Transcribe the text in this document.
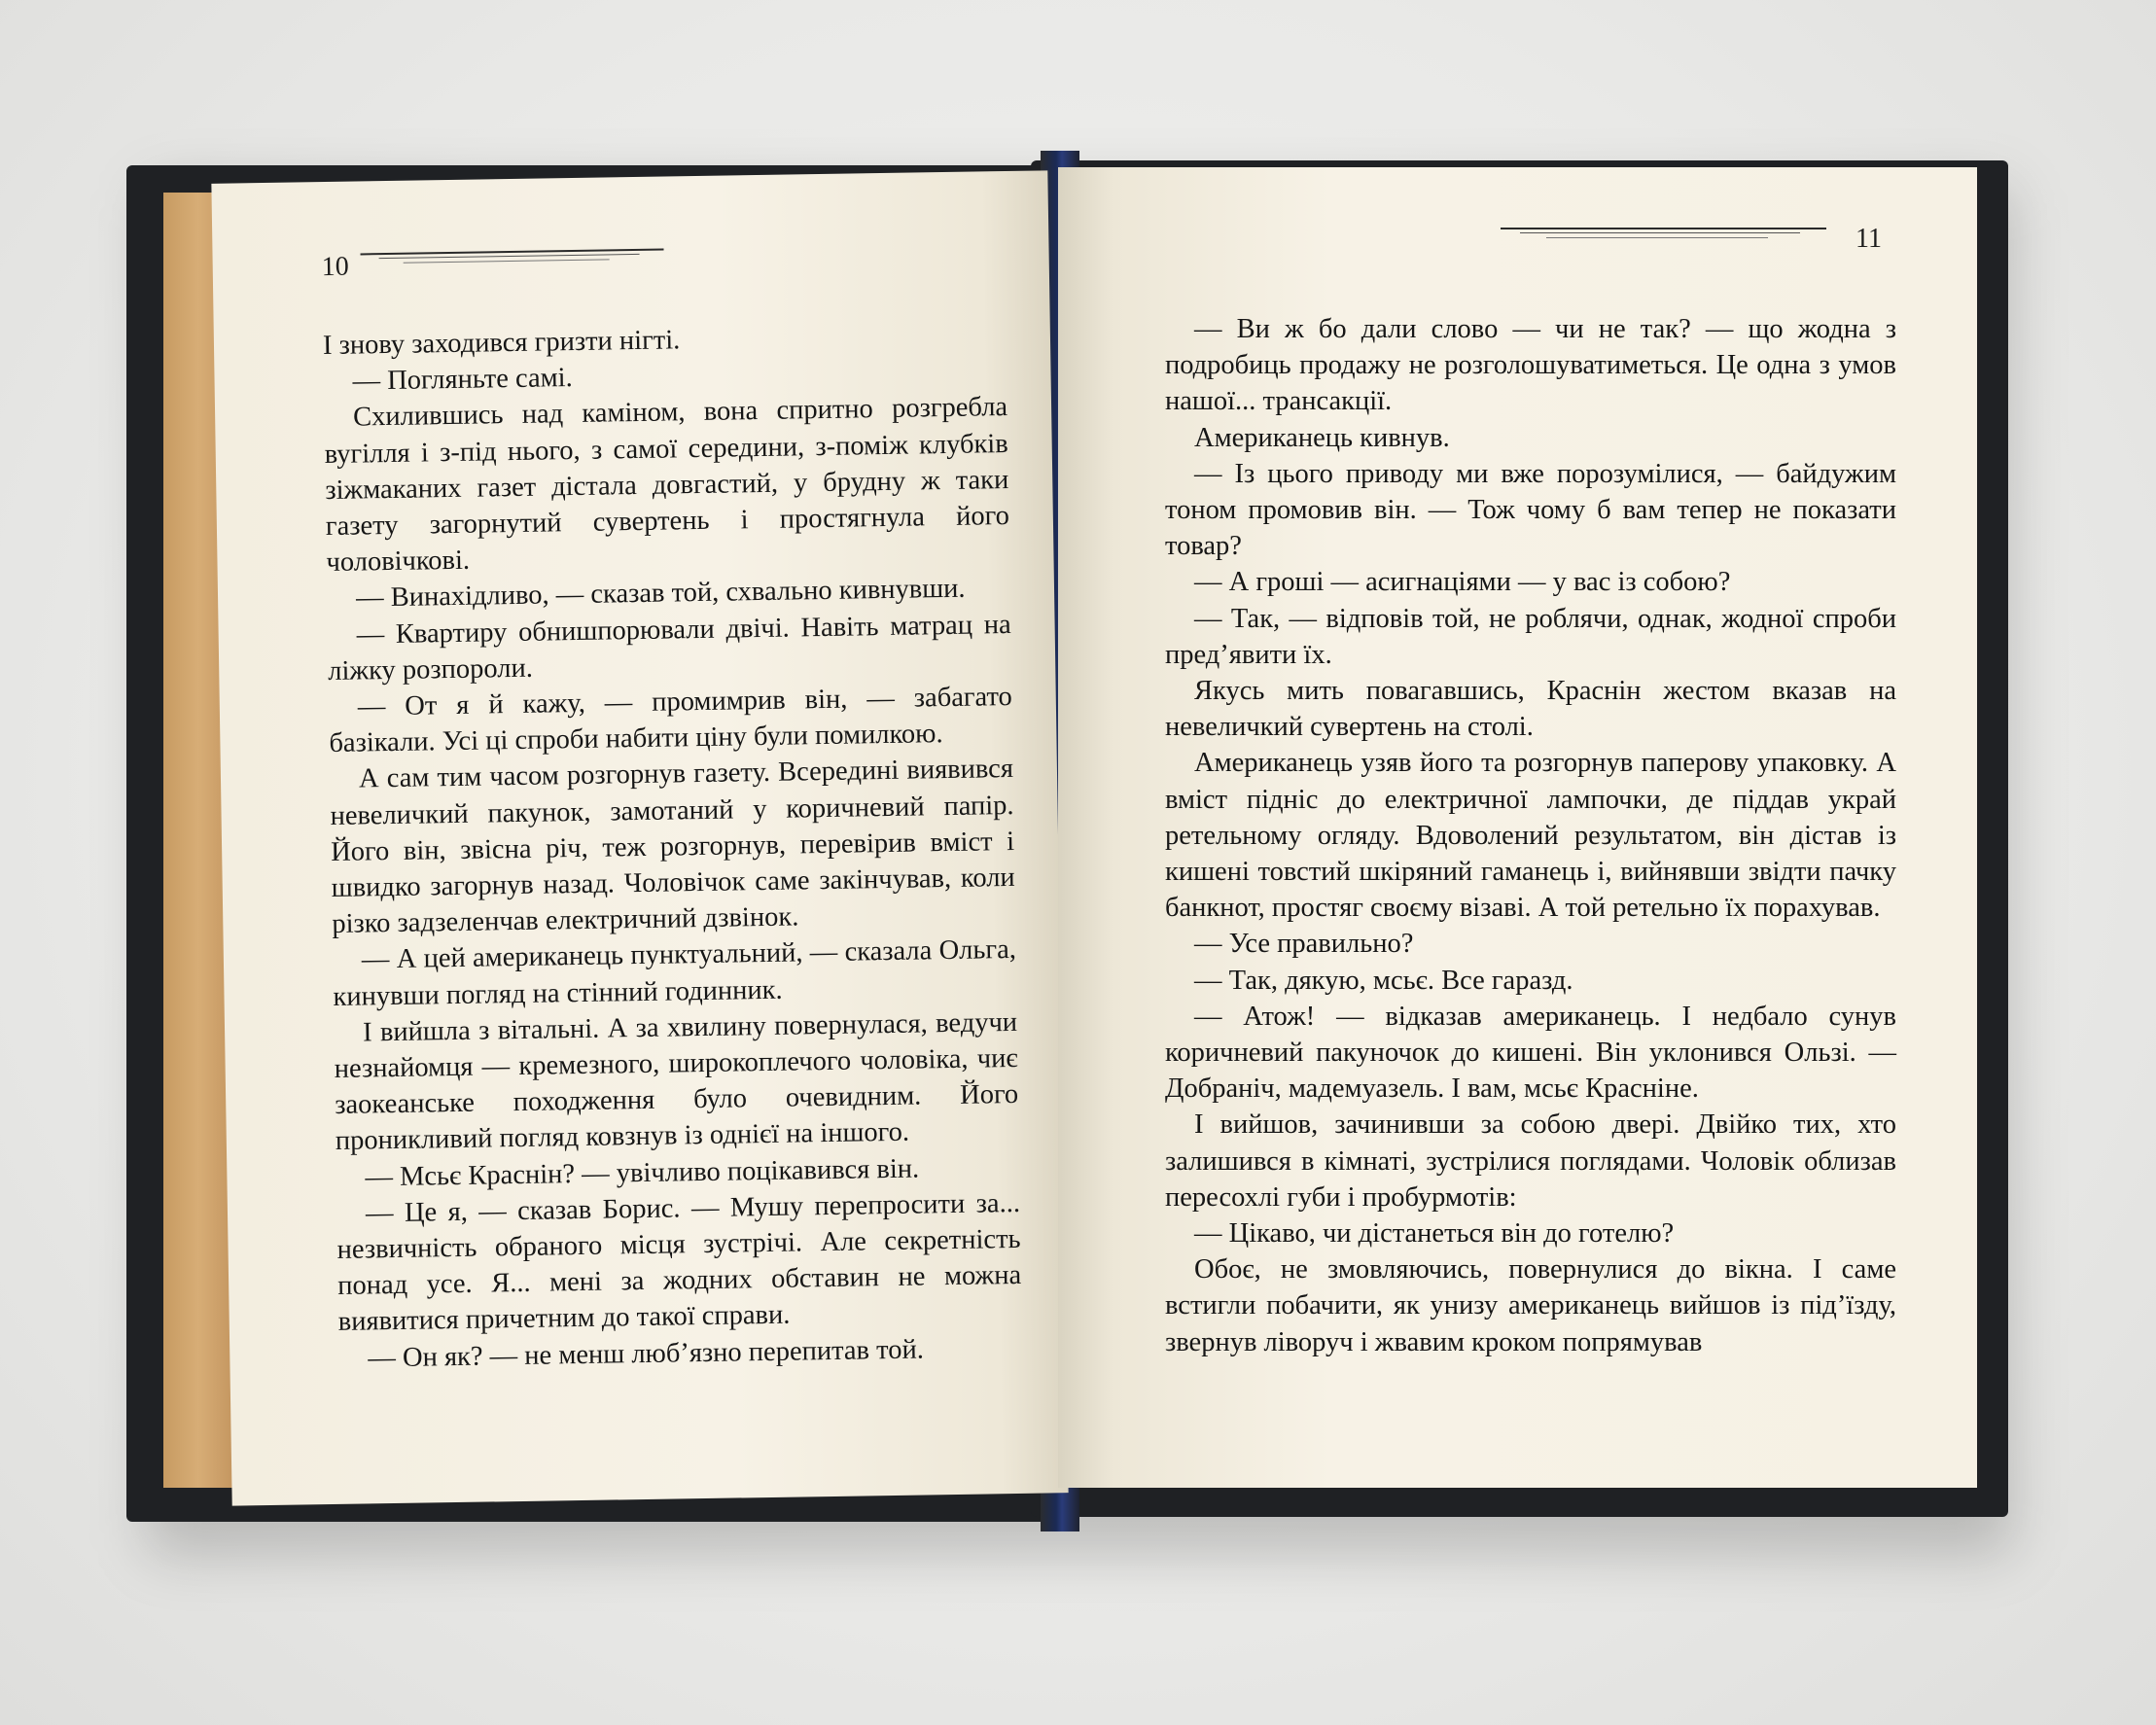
10

І знову заходився гризти нігті.

— Погляньте самі.

Схилившись над каміном, вона спритно розгребла вугілля і з-під нього, з самої середини, з-поміж клубків зіжмаканих газет дістала довгастий, у брудну ж таки газету загорнутий сувертень і простягнула його чоловічкові.

— Винахідливо, — сказав той, схвально кивнувши.

— Квартиру обнишпорювали двічі. Навіть матрац на ліжку розпороли.

— От я й кажу, — промимрив він, — забагато базікали. Усі ці спроби набити ціну були помилкою.

А сам тим часом розгорнув газету. Всередині виявився невеличкий пакунок, замотаний у коричневий папір. Його він, звісна річ, теж розгорнув, перевірив вміст і швидко загорнув назад. Чоловічок саме закінчував, коли різко задзеленчав електричний дзвінок.

— А цей американець пунктуальний, — сказала Ольга, кинувши погляд на стінний годинник.

І вийшла з вітальні. А за хвилину повернулася, ведучи незнайомця — кремезного, широкоплечого чоловіка, чиє заокеанське походження було очевидним. Його проникливий погляд ковзнув із однієї на іншого.

— Мсьє Краснін? — увічливо поцікавився він.

— Це я, — сказав Борис. — Мушу перепросити за... незвичність обраного місця зустрічі. Але секретність понад усе. Я... мені за жодних обставин не можна виявитися причетним до такої справи.

— Он як? — не менш люб’язно перепитав той.

11

— Ви ж бо дали слово — чи не так? — що жодна з подробиць продажу не розголошуватиметься. Це одна з умов нашої... трансакції.

Американець кивнув.

— Із цього приводу ми вже порозумілися, — байдужим тоном промовив він. — Тож чому б вам тепер не показати товар?

— А гроші — асигнаціями — у вас із собою?

— Так, — відповів той, не роблячи, однак, жодної спроби пред’явити їх.

Якусь мить повагавшись, Краснін жестом вказав на невеличкий сувертень на столі.

Американець узяв його та розгорнув паперову упаковку. А вміст підніс до електричної лампочки, де піддав украй ретельному огляду. Вдоволений результатом, він дістав із кишені товстий шкіряний гаманець і, вийнявши звідти пачку банкнот, простяг своєму візаві. А той ретельно їх порахував.

— Усе правильно?

— Так, дякую, мсьє. Все гаразд.

— Атож! — відказав американець. І недбало сунув коричневий пакуночок до кишені. Він уклонився Ользі. — Добраніч, мадемуазель. І вам, мсьє Красніне.

І вийшов, зачинивши за собою двері. Двійко тих, хто залишився в кімнаті, зустрілися поглядами. Чоловік облизав пересохлі губи і пробурмотів:

— Цікаво, чи дістанеться він до готелю?

Обоє, не змовляючись, повернулися до вікна. І саме встигли побачити, як унизу американець вийшов із під’їзду, звернув ліворуч і жвавим кроком попрямував
